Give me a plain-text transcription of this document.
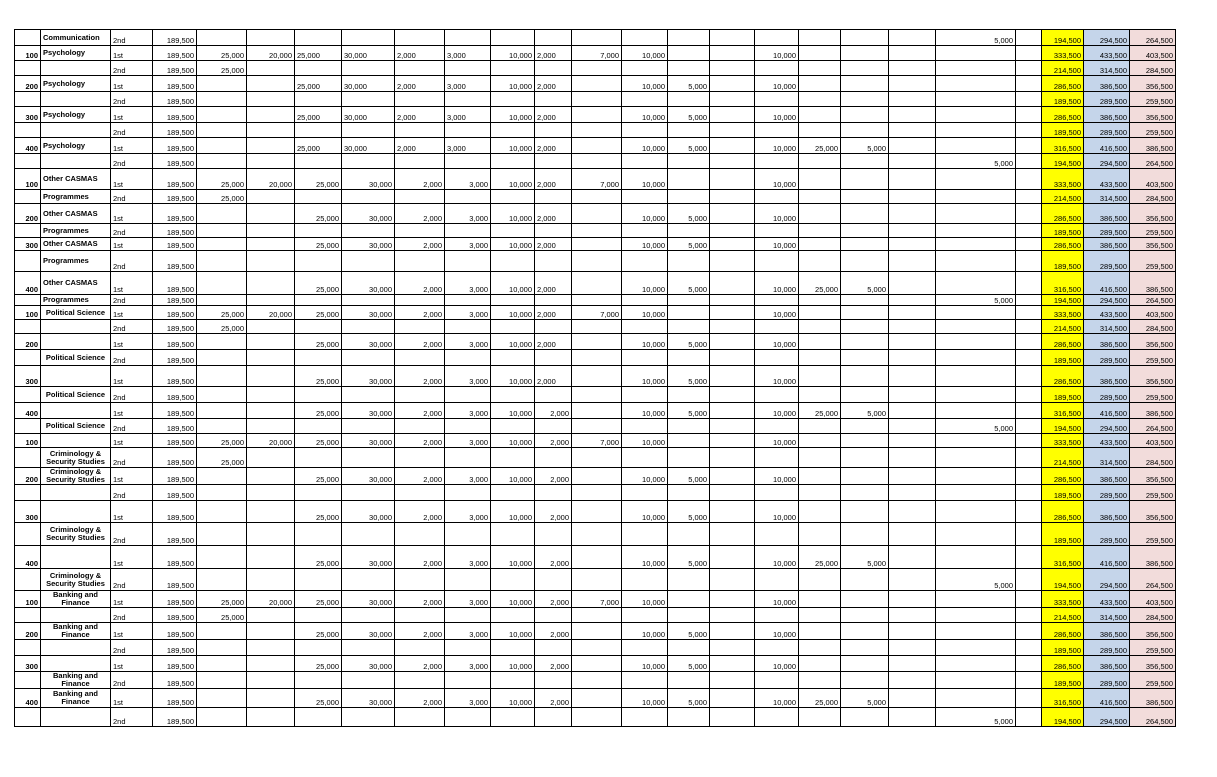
	Communication	2nd	189,500																	5,000		194,500	294,500	264,500
100	Psychology	1st	189,500	25,000	20,000	25,000	30,000	2,000	3,000	10,000	2,000	7,000	10,000			10,000						333,500	433,500	403,500
		2nd	189,500	25,000																		214,500	314,500	284,500
200	Psychology	1st	189,500			25,000	30,000	2,000	3,000	10,000	2,000		10,000	5,000		10,000						286,500	386,500	356,500
		2nd	189,500																			189,500	289,500	259,500
300	Psychology	1st	189,500			25,000	30,000	2,000	3,000	10,000	2,000		10,000	5,000		10,000						286,500	386,500	356,500
		2nd	189,500																			189,500	289,500	259,500
400	Psychology	1st	189,500			25,000	30,000	2,000	3,000	10,000	2,000		10,000	5,000		10,000	25,000	5,000				316,500	416,500	386,500
		2nd	189,500																	5,000		194,500	294,500	264,500
100	Other CASMAS	1st	189,500	25,000	20,000	25,000	30,000	2,000	3,000	10,000	2,000	7,000	10,000			10,000						333,500	433,500	403,500
	Programmes	2nd	189,500	25,000																		214,500	314,500	284,500
200	Other CASMAS	1st	189,500			25,000	30,000	2,000	3,000	10,000	2,000		10,000	5,000		10,000						286,500	386,500	356,500
	Programmes	2nd	189,500																			189,500	289,500	259,500
300	Other CASMAS	1st	189,500			25,000	30,000	2,000	3,000	10,000	2,000		10,000	5,000		10,000						286,500	386,500	356,500
	Programmes	2nd	189,500																			189,500	289,500	259,500
400	Other CASMAS	1st	189,500			25,000	30,000	2,000	3,000	10,000	2,000		10,000	5,000		10,000	25,000	5,000				316,500	416,500	386,500
	Programmes	2nd	189,500																	5,000		194,500	294,500	264,500
100	Political Science	1st	189,500	25,000	20,000	25,000	30,000	2,000	3,000	10,000	2,000	7,000	10,000			10,000						333,500	433,500	403,500
		2nd	189,500	25,000																		214,500	314,500	284,500
200		1st	189,500			25,000	30,000	2,000	3,000	10,000	2,000		10,000	5,000		10,000						286,500	386,500	356,500
	Political Science	2nd	189,500																			189,500	289,500	259,500
300		1st	189,500			25,000	30,000	2,000	3,000	10,000	2,000		10,000	5,000		10,000						286,500	386,500	356,500
	Political Science	2nd	189,500																			189,500	289,500	259,500
400		1st	189,500			25,000	30,000	2,000	3,000	10,000	2,000		10,000	5,000		10,000	25,000	5,000				316,500	416,500	386,500
	Political Science	2nd	189,500																	5,000		194,500	294,500	264,500
100		1st	189,500	25,000	20,000	25,000	30,000	2,000	3,000	10,000	2,000	7,000	10,000			10,000						333,500	433,500	403,500
	Criminology & Security Studies	2nd	189,500	25,000																		214,500	314,500	284,500
200	Criminology & Security Studies	1st	189,500			25,000	30,000	2,000	3,000	10,000	2,000		10,000	5,000		10,000						286,500	386,500	356,500
		2nd	189,500																			189,500	289,500	259,500
300		1st	189,500			25,000	30,000	2,000	3,000	10,000	2,000		10,000	5,000		10,000						286,500	386,500	356,500
	Criminology & Security Studies	2nd	189,500																			189,500	289,500	259,500
400		1st	189,500			25,000	30,000	2,000	3,000	10,000	2,000		10,000	5,000		10,000	25,000	5,000				316,500	416,500	386,500
	Criminology & Security Studies	2nd	189,500																	5,000		194,500	294,500	264,500
100	Banking and Finance	1st	189,500	25,000	20,000	25,000	30,000	2,000	3,000	10,000	2,000	7,000	10,000			10,000						333,500	433,500	403,500
		2nd	189,500	25,000																		214,500	314,500	284,500
200	Banking and Finance	1st	189,500			25,000	30,000	2,000	3,000	10,000	2,000		10,000	5,000		10,000						286,500	386,500	356,500
		2nd	189,500																			189,500	289,500	259,500
300		1st	189,500			25,000	30,000	2,000	3,000	10,000	2,000		10,000	5,000		10,000						286,500	386,500	356,500
	Banking and Finance	2nd	189,500																			189,500	289,500	259,500
400	Banking and Finance	1st	189,500			25,000	30,000	2,000	3,000	10,000	2,000		10,000	5,000		10,000	25,000	5,000				316,500	416,500	386,500
		2nd	189,500																	5,000		194,500	294,500	264,500
